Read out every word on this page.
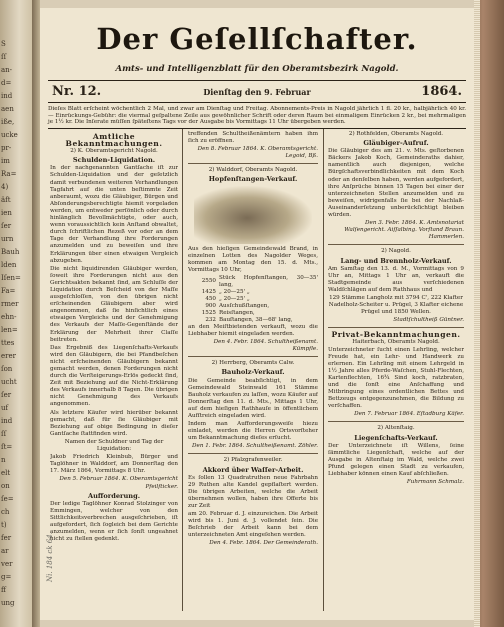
S
ſſ
an-
d=
ind
aen
iße,
ucke
pr-
im
Ra=
4)
äft
ien
ſer
urn
Bauh
lden
Iſen=
Fa=
rmer
ehn-
len=
ttes
erer
ſon
ucht
ſer
uf
ind
ſſ
ſt=
n
elt
on
ſe=
ch
t)
fer
ar
ver
g=
ff
ung
Der Geſellſchafter.
Amts- und Intelligenzblatt für den Oberamtsbezirk Nagold.
Nr. 12.	Dienſtag den 9. Februar	1864.
Dieſes Blatt erſcheint wöchentlich 2 Mal, und zwar am Dienſtag und Freitag. Abonnements-Preis in Nagold jährlich 1 fl. 20 kr., halbjährlich 40 kr. — Einrückungs-Gebühr: die viermal geſpaltene Zeile aus gewöhnlicher Schrift oder deren Raum bei einmaligem Einrücken 2 kr., bei mehrmaligen je 1½ kr. Die Inſerate müſſen ſpäteſtens Tags vor der Ausgabe bis Vormittags 11 Uhr übergeben werden.
Amtliche Bekanntmachungen.
2) K. Oberamtsgericht Nagold.
Schulden-Liquidation.

In der nachgenannten Gantſache iſt zur Schulden-Liquidation und der geſetzlich damit verbundenen weiteren Verhandlungen Tagfahrt auf die unten beſtimmte Zeit anberaumt, wozu die Gläubiger, Bürgen und Abſonderungsberechtigte hiemit vorgeladen werden, um entweder perſönlich oder durch hinlänglich Bevollmächtigte, oder auch, wenn voraussichtlich kein Anſtand obwaltet, durch ſchriftlichen Rezeß vor oder an dem Tage der Verhandlung ihre Forderungen anzumelden und zu beweiſen und ihre Erklärungen über einen etwaigen Vergleich abzugeben.

Die nicht liquidirenden Gläubiger werden, ſoweit ihre Forderungen nicht aus den Gerichtsakten bekannt ſind, am Schluſſe der Liquidation durch Beſcheid von der Maſſe ausgeſchloſſen, von den übrigen nicht erſcheinenden Gläubigern aber wird angenommen, daß ſie hinſichtlich eines etwaigen Vergleichs und der Genehmigung des Verkaufs der Maſſe-Gegenſtände der Erklärung der Mehrheit ihrer Claſſe beitreten.

Das Ergebniß des Liegenſchafts-Verkaufs wird den Gläubigern, die bei Pfandbeſchen nicht erſcheinenden Gläubigern bekannt gemacht werden, denen Forderungen nicht durch die Verſteigerungs-Erlös gedeckt ſind, Zeit mit Beziehung auf die Nicht-Erklärung des Verkaufs innerhalb 8 Tagen. Die übrigen nicht Genehmigung des Verkaufs angenommen.

Als letztere Käufer wird hierüber bekannt gemacht, daß für ſie Gläubiger mit Beziehung auf obige Bedingung in dieſer Gantſache ſtattfinden wird.

Namen der Schuldner und Tag der Liquidation:

Jakob Friedrich Kleinbub, Bürger und Taglöhner in Walddorf, am Donnerſtag den 17. März 1864, Vormittags 8 Uhr.

Den 5. Februar 1864. K. Oberamtsgericht Pfeilſticker.

Aufforderung.

Der ledige Taglöhner Konrad Stolzinger von Emmingen, welcher von den Sittlichkeitsverbrechen ausgeſchrieben, iſt aufgefordert, ſich ſogleich bei dem Gerichte anzumelden, wenn er ſich ſonſt ungeahnet nicht zu ſtellen gedenkt.

treffenden Schultheißenämtern haben ihm ſich zu eröffnen.

Den 8. Februar 1864. K. Oberamtsgericht. Legoid, Bß.

2) Walddorf, Oberamts Nagold.
Hopfenſtangen-Verkauf.

Aus den hieſigen Gemeindewald Brand, in einzelnen Lotten des Nagolder Weges, kommen am Montag den 15. d. Mts., Vormittags 10 Uhr,

2550	Stück Hopfenſtangen, 30—35' lang,
1425	„ 20—25' „
450	„ 20—25' „
900	Ausſchußſtangen,
1525	Reisſtangen,
232	Bauſtangen, 38—68' lang,

an den Meiſtbietenden verkauft, wozu die Liebhaber hiemit eingeladen werden.

Den 4. Febr. 1864. Schultheißenamt. Kümpfle.

2) Herrberg, Oberamts Calw.
Bauholz-Verkauf.

Die Gemeinde beabſichtigt, in dem Gemeindewald Steinwald 161 Stämme Bauholz verkaufen zu laſſen, wozu Käufer auf Donnerſtag den 11. d. Mts., Mittags 1 Uhr, auf dem hieſigen Rathhauſe in öffentlichem Aufſtreich eingeladen wird.

Indem man Aufforderungsweiſe hiezu einladet, werden die Herren Ortsvorſteher um Bekanntmachung dieſes erſucht.

Den 1. Febr. 1864. Schultheißenamt. Zöhler.

2) Pfalzgrafenweiler.
Akkord über Waſſer-Arbeit.

Es ſollen 13 Quadratruthen neue Fahrbahn 29 Ruthen alte Kandel gepflaſtert werden. Die übrigen Arbeiten, welche die Arbeit übernehmen wollen, haben ihre Offerte bis zur Zeit

am 20. Februar d. J. einzureichen. Die Arbeit wird bis 1. Juni d. J. vollendet ſein. Die Beſchrieb der Arbeit kann bei dem unterzeichneten Amt eingeſehen werden.

Den 4. Febr. 1864. Der Gemeinderath.

2) Rothfelden, Oberamts Nagold.
Gläubiger-Aufruf.

Die Gläubiger des am 21. v. Mts. geſtorbenen Bäckers Jakob Koch, Gemeinderaths dahier, namentlich auch diejenigen, welche Bürgſchaftsverbindlichkeiten mit dem Koch oder an denſelben haben, werden aufgefordert, ihre Anſprüche binnen 15 Tagen bei einer der unterzeichneten Stellen anzumelden und zu beweiſen, widrigenfalls ſie bei der Nachlaß-Auseinanderſetzung unberückſichtigt bleiben würden.

Den 3. Febr. 1864. K. Amtsnotariat Walſengericht. Aiſſalbing. Vorſtand Braun. Hammerlen.

2) Nagold.
Lang- und Brennholz-Verkauf.

Am Samſtag den 13. d. M., Vormittags von 9 Uhr an, Mittags 1 Uhr an, verkauft die Stadtgemeinde aus verſchiedenen Waldſchlägen auf dem Rathhaus und

129 Stämme Langholz mit 3794 C', 222 Klafter Nadelholz-Scheiter u. Prügel, 3 Klafter eichene Prügel und 1850 Wellen.

Stadtſchultheiß Güntner.

Privat-Bekanntmachungen.
Haiterbach, Oberamts Nagold.

Unterzeichneter ſucht einen Lehrling, welcher Freude hat, ein Lehr- und Handwerk zu erlernen. Ein Lehrling mit einem Lehrgeld in 1½ Jahre alles Pferde-Waſchen, Stuhl-Flechten, Kartenflechten, 16¾ Sind koch, ratzbraten, und die ſonſt eine Anſchaffung und Mitbringung eines ordentlichen Bettes und Bettzeugs entgegenzunehmen, die Bildung zu verſchaffen.

Den 7. Februar 1864. Eſtadburg Käfer.

2) Altenſtaig.
Liegenſchafts-Verkauf.

Der Unterzeichnete iſt Willens, ſeine ſämmtliche Liegenſchaft, welche auf der Ausgabe in Altenſtaig im Wald, welche zwei Pfund gelegen einen Stadt zu verkaufen, Liebhaber können einen Kauf abſchließen.

Fuhrmann Schmalz.

Ni. 184 ck 64.
